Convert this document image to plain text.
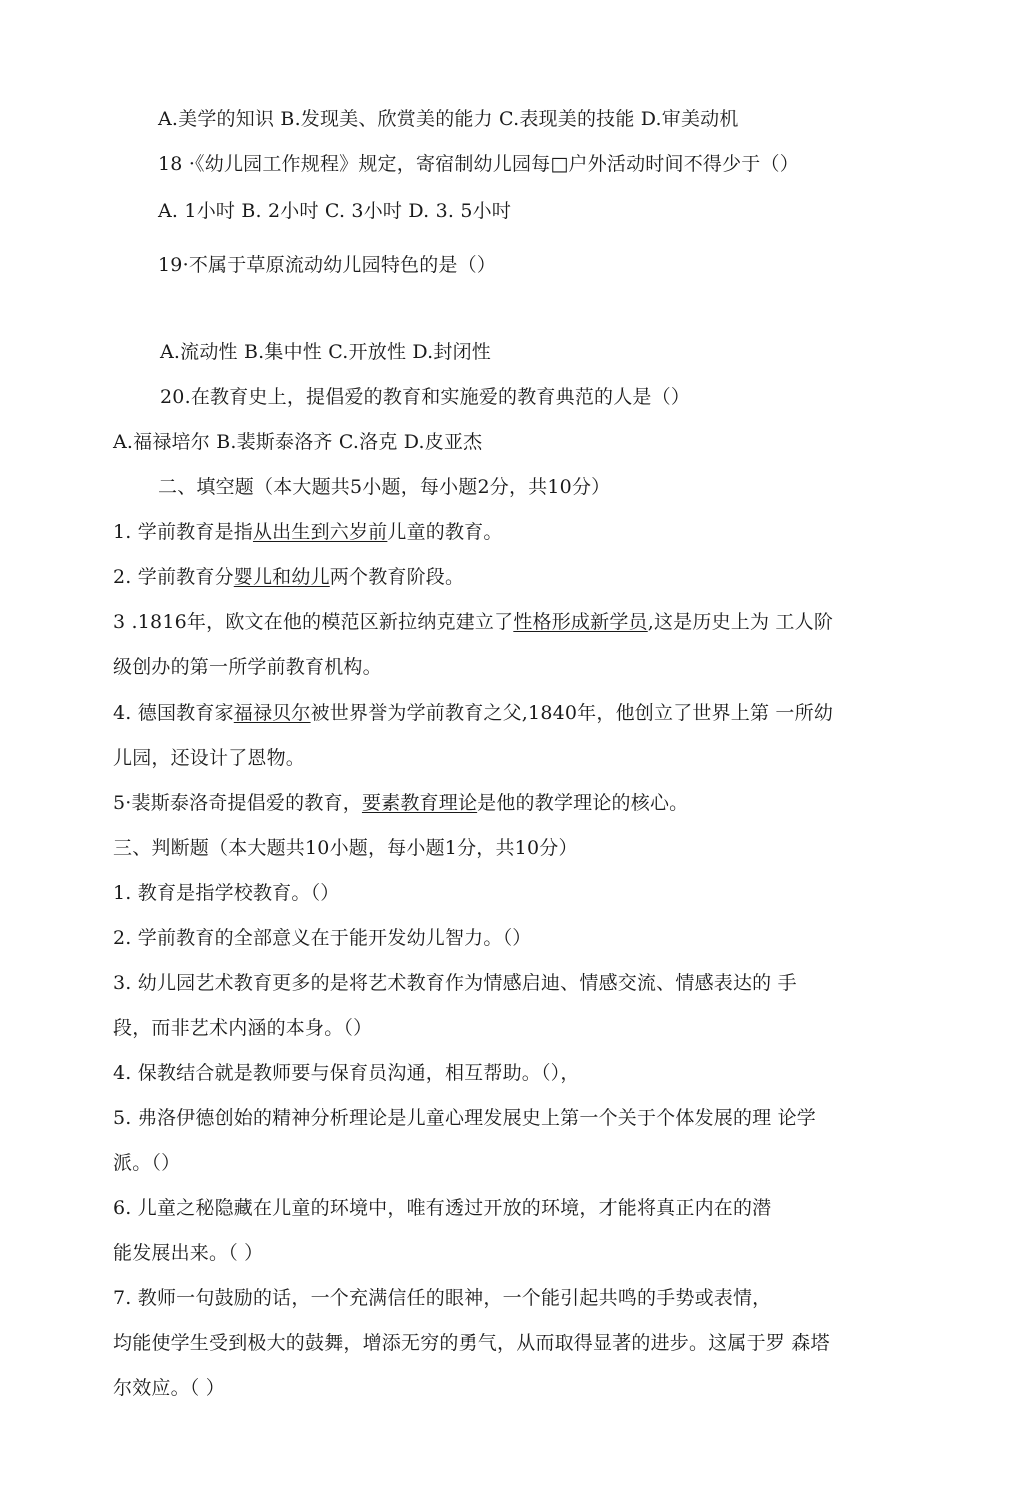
A.美学的知识 B.发现美、欣赏美的能力 C.表现美的技能 D.审美动机
18 ·《幼儿园工作规程》规定，寄宿制幼儿园每□户外活动时间不得少于（）
A. 1小吋 B. 2小吋 C. 3小吋 D. 3. 5小吋
19·不属于草原流动幼儿园特色的是（）
A.流动性 B.集中性 C.开放性 D.封闭性
20.在教育史上，提倡爱的教育和实施爱的教育典范的人是（）
A.福禄培尔 B.裴斯泰洛齐 C.洛克 D.皮亚杰
二、填空题（本大题共5小题，每小题2分，共10分）
1. 学前教育是指从出生到六岁前儿童的教育。
2. 学前教育分婴儿和幼儿两个教育阶段。
3 .1816年，欧文在他的模范区新拉纳克建立了性格形成新学员,这是历史上为 工人阶
级创办的第一所学前教育机构。
4. 德国教育家福禄贝尔被世界誉为学前教育之父,1840年，他创立了世界上第 一所幼
儿园，还设计了恩物。
5·裴斯泰洛奇提倡爱的教育，要素教育理论是他的教学理论的核心。
三、判断题（本大题共10小题，每小题1分，共10分）
1. 教育是指学校教育。（）
2. 学前教育的全部意义在于能开发幼儿智力。（）
3. 幼儿园艺术教育更多的是将艺术教育作为情感启迪、情感交流、情感表达的 手
段，而非艺术内涵的本身。（）
4. 保教结合就是教师要与保育员沟通，相互帮助。（），
5. 弗洛伊德创始的精神分析理论是儿童心理发展史上第一个关于个体发展的理 论学
派。（）
6. 儿童之秘隐藏在儿童的环境中，唯有透过开放的环境，才能将真正内在的潜
能发展出来。（ ）
7. 教师一句鼓励的话，一个充满信任的眼神，一个能引起共鸣的手势或表情，
均能使学生受到极大的鼓舞，增添无穷的勇气，从而取得显著的进步。这属于罗 森塔
尔效应。（ ）
